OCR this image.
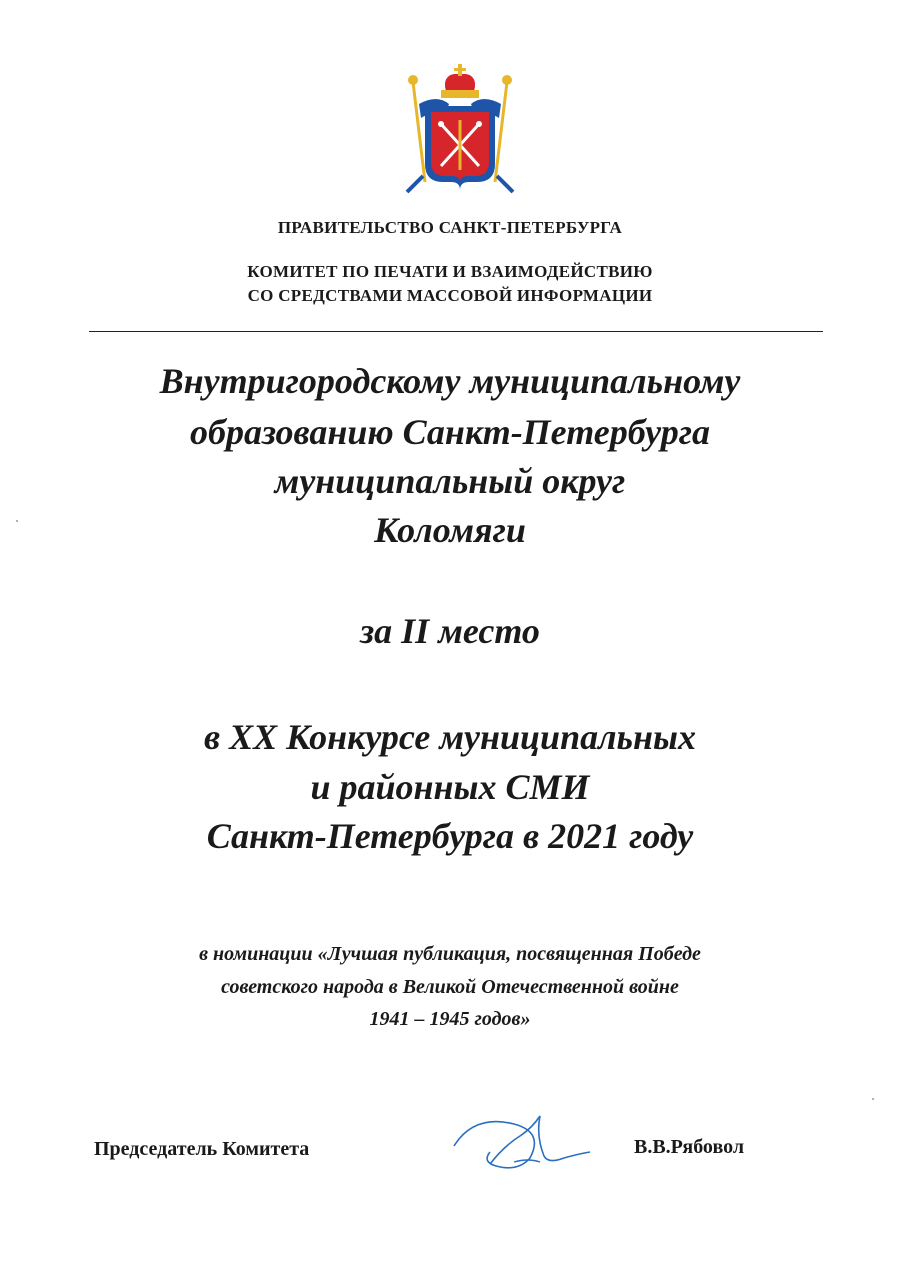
ПРАВИТЕЛЬСТВО САНКТ-ПЕТЕРБУРГА
КОМИТЕТ ПО ПЕЧАТИ И ВЗАИМОДЕЙСТВИЮ
СО СРЕДСТВАМИ МАССОВОЙ ИНФОРМАЦИИ
Внутригородскому муниципальному
образованию Санкт-Петербурга
муниципальный округ
Коломяги
за II место
в XX Конкурсе муниципальных
и районных СМИ
Санкт-Петербурга в 2021 году
в номинации «Лучшая публикация, посвященная Победе
советского народа в Великой Отечественной войне
1941 – 1945 годов»
Председатель Комитета	В.В.Рябовол
